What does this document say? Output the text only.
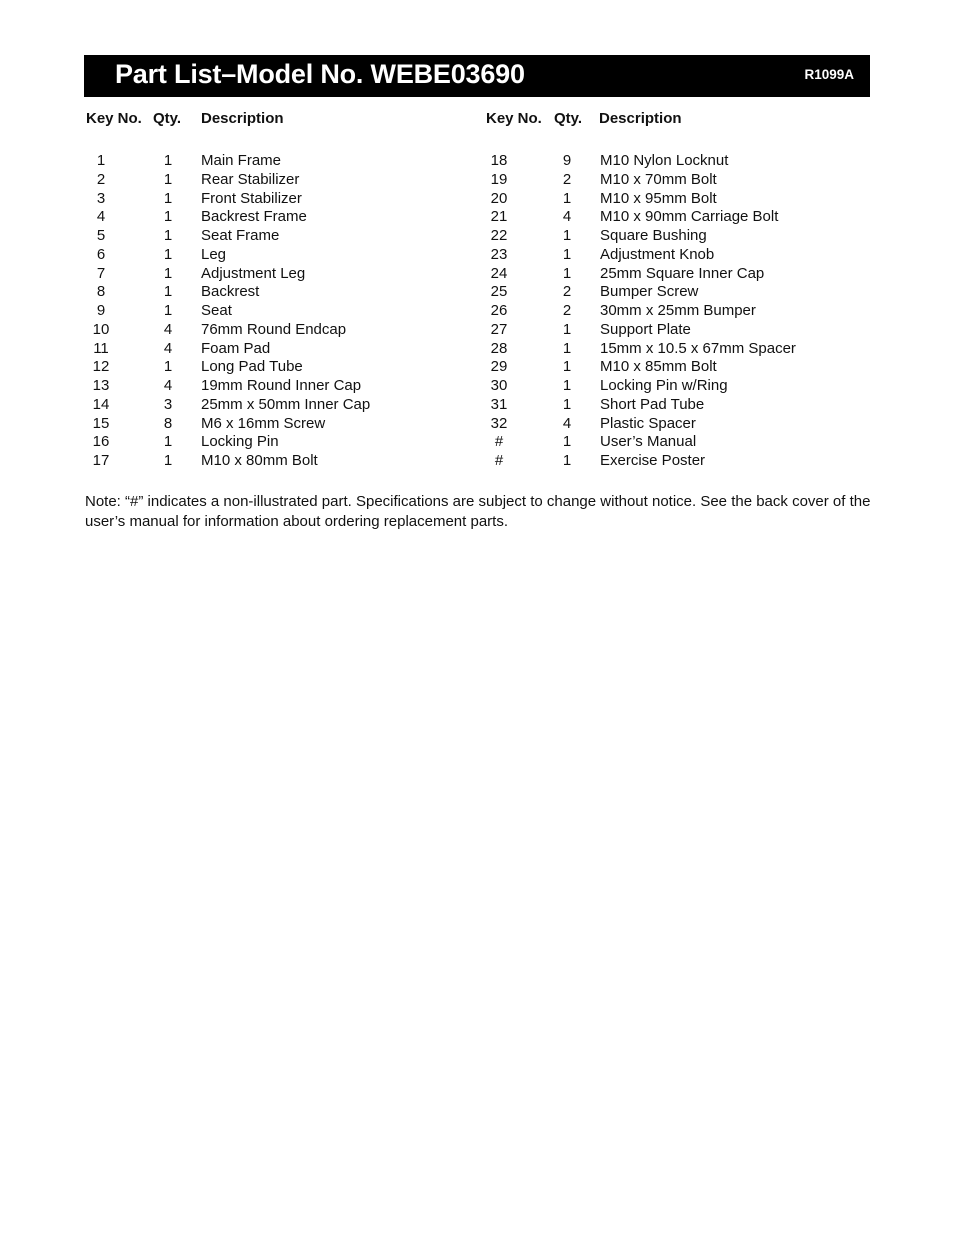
Part List–Model No. WEBE03690	R1099A
Key No. Qty. Description
1	1 Main Frame
2	1 Rear Stabilizer
3	1 Front Stabilizer
4	1 Backrest Frame
5	1 Seat Frame
6	1 Leg
7	1 Adjustment Leg
8	1 Backrest
9	1 Seat
10	4 76mm Round Endcap
11	4 Foam Pad
12	1 Long Pad Tube
13	4 19mm Round Inner Cap
14	3 25mm x 50mm Inner Cap
15	8 M6 x 16mm Screw
16	1 Locking Pin
17	1 M10 x 80mm Bolt
Key No. Qty. Description
18	9 M10 Nylon Locknut
19	2 M10 x 70mm Bolt
20	1 M10 x 95mm Bolt
21	4 M10 x 90mm Carriage Bolt
22	1 Square Bushing
23	1 Adjustment Knob
24	1 25mm Square Inner Cap
25	2 Bumper Screw
26	2 30mm x 25mm Bumper
27	1 Support Plate
28	1 15mm x 10.5 x 67mm Spacer
29	1 M10 x 85mm Bolt
30	1 Locking Pin w/Ring
31	1 Short Pad Tube
32	4 Plastic Spacer
#	1 User’s Manual
#	1 Exercise Poster
Note: “#” indicates a non-illustrated part. Specifications are subject to change without notice. See the back cover of the user’s manual for information about ordering replacement parts.
